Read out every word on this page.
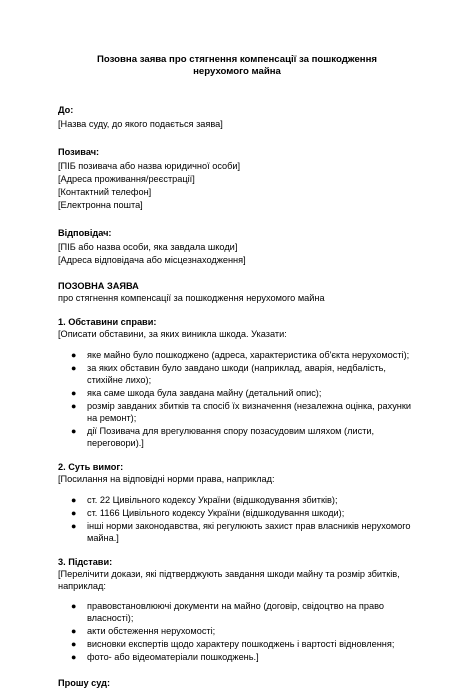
Позовна заява про стягнення компенсації за пошкодження нерухомого майна
До:
[Назва суду, до якого подається заява]
Позивач:
[ПІБ позивача або назва юридичної особи]
[Адреса проживання/реєстрації]
[Контактний телефон]
[Електронна пошта]
Відповідач:
[ПІБ або назва особи, яка завдала шкоди]
[Адреса відповідача або місцезнаходження]
ПОЗОВНА ЗАЯВА
про стягнення компенсації за пошкодження нерухомого майна
1. Обставини справи:
[Описати обставини, за яких виникла шкода. Указати:
● яке майно було пошкоджено (адреса, характеристика об'єкта нерухомості);
● за яких обставин було завдано шкоди (наприклад, аварія, недбалість, стихійне лихо);
● яка саме шкода була завдана майну (детальний опис);
● розмір завданих збитків та спосіб їх визначення (незалежна оцінка, рахунки на ремонт);
● дії Позивача для врегулювання спору позасудовим шляхом (листи, переговори).]
2. Суть вимог:
[Посилання на відповідні норми права, наприклад:
● ст. 22 Цивільного кодексу України (відшкодування збитків);
● ст. 1166 Цивільного кодексу України (відшкодування шкоди);
● інші норми законодавства, які регулюють захист прав власників нерухомого майна.]
3. Підстави:
[Перелічити докази, які підтверджують завдання шкоди майну та розмір збитків, наприклад:
● правовстановлюючі документи на майно (договір, свідоцтво на право власності);
● акти обстеження нерухомості;
● висновки експертів щодо характеру пошкоджень і вартості відновлення;
● фото- або відеоматеріали пошкоджень.]
Прошу суд:
